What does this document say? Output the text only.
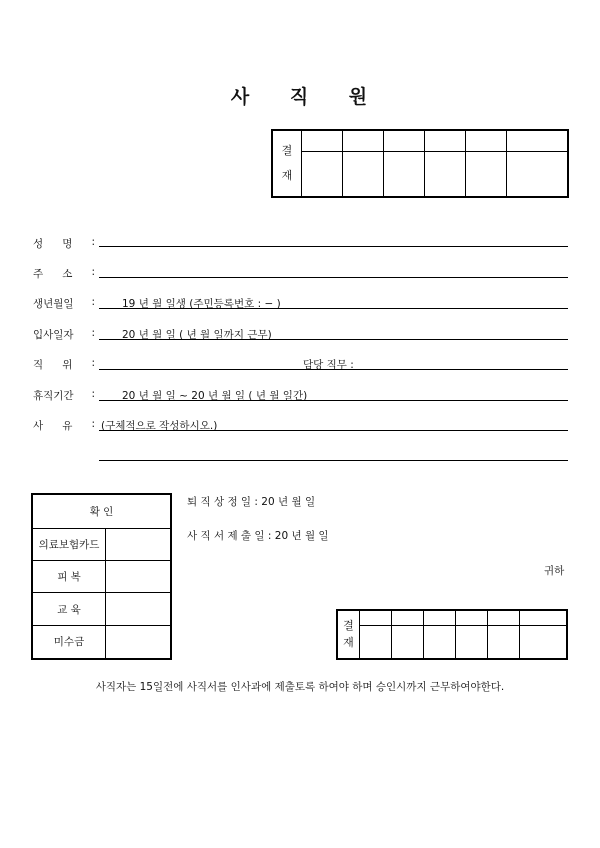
사 직 원
결
재						

성 명 :
주 소 :
생년월일 :	19 년 월 일생 (주민등록번호 : − )
입사일자 :	20 년 월 일 ( 년 월 일까지 근무)
직 위 :	담당 직무 :
휴직기간 :	20 년 월 일 ~ 20 년 월 일 ( 년 월 일간)
사 유 : (구체적으로 작성하시오.)
확 인	
의료보험카드	
피 복	
교 육	
미수금	
퇴 직 상 정 일 : 20 년 월 일
사 직 서 제 출 일 : 20 년 월 일
귀하
결
재						

사직자는 15일전에 사직서를 인사과에 제출토록 하여야 하며 승인시까지 근무하여야한다.
